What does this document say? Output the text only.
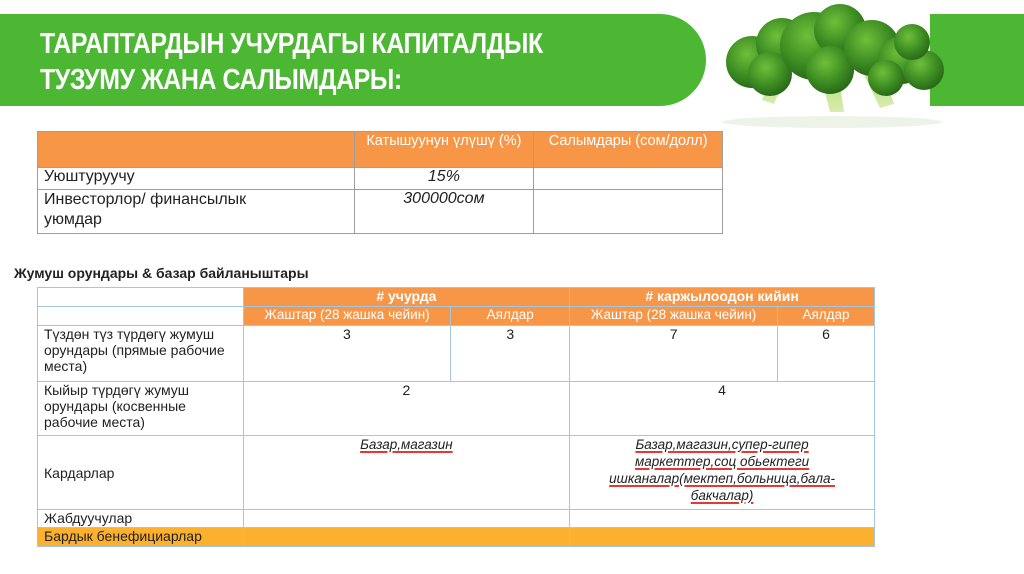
ТАРАПТАРДЫН УЧУРДАГЫ КАПИТАЛДЫК
ТУЗУМУ ЖАНА САЛЫМДАРЫ:
	Катышуунун үлүшү (%)	Салымдары (сом/долл)
Уюштуруучу	15%	
Инвесторлор/ финансылык уюмдар	300000сом	

Жумуш орундары & базар байланыштары

	# учурда		# каржылоодон кийин	
	Жаштар (28 жашка чейин)	Аялдар	Жаштар (28 жашка чейин)	Аялдар
Түздөн түз түрдөгү жумуш орундары (прямые рабочие места)	3	3	7	6
Кыйыр түрдөгү жумуш орундары (косвенные рабочие места)	2		4	
Кардарлар	Базар,магазин		Базар,магазин,супер-гипер маркеттер,соц обьектеги ишканалар(мектеп,больница,бала-бакчалар)	

Жабдуучулар				
Бардык бенефициарлар				
